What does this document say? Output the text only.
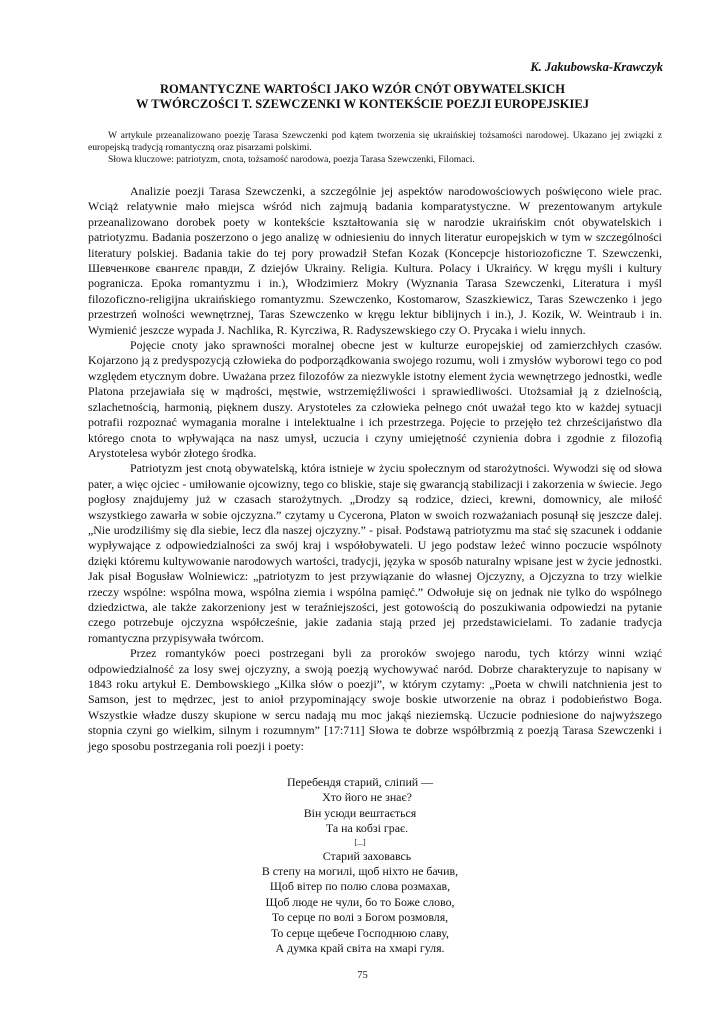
K. Jakubowska-Krawczyk
ROMANTYCZNE WARTOŚCI JAKO WZÓR CNÓT OBYWATELSKICH
W TWÓRCZOŚCI T. SZEWCZENKI W KONTEKŚCIE POEZJI EUROPEJSKIEJ

W artykule przeanalizowano poezję Tarasa Szewczenki pod kątem tworzenia się ukraińskiej tożsamości narodowej. Ukazano jej związki z europejską tradycją romantyczną oraz pisarzami polskimi.

Słowa kluczowe: patriotyzm, cnota, tożsamość narodowa, poezja Tarasa Szewczenki, Filomaci.

Analizie poezji Tarasa Szewczenki, a szczególnie jej aspektów narodowościowych poświęcono wiele prac. Wciąż relatywnie mało miejsca wśród nich zajmują badania komparatystyczne. W prezentowanym artykule przeanalizowano dorobek poety w kontekście kształtowania się w narodzie ukraińskim cnót obywatelskich i patriotyzmu. Badania poszerzono o jego analizę w odniesieniu do innych literatur europejskich w tym w szczególności literatury polskiej. Badania takie do tej pory prowadził Stefan Kozak (Koncepcje historiozoficzne T. Szewczenki, Шевченкове євангелє правди, Z dziejów Ukrainy. Religia. Kultura. Polacy i Ukraińcy. W kręgu myśli i kultury pogranicza. Epoka romantyzmu i in.), Włodzimierz Mokry (Wyznania Tarasa Szewczenki, Literatura i myśl filozoficzno-religijna ukraińskiego romantyzmu. Szewczenko, Kostomarow, Szaszkiewicz, Taras Szewczenko i jego przestrzeń wolności wewnętrznej, Taras Szewczenko w kręgu lektur biblijnych i in.), J. Kozik, W. Weintraub i in. Wymienić jeszcze wypada J. Nachlika, R. Kyrcziwa, R. Radyszewskiego czy O. Prycaka i wielu innych.

Pojęcie cnoty jako sprawności moralnej obecne jest w kulturze europejskiej od zamierzchłych czasów. Kojarzono ją z predyspozycją człowieka do podporządkowania swojego rozumu, woli i zmysłów wyborowi tego co pod względem etycznym dobre. Uważana przez filozofów za niezwykle istotny element życia wewnętrzego jednostki, wedle Platona przejawiała się w mądrości, męstwie, wstrzemięźliwości i sprawiedliwości. Utożsamiał ją z dzielnością, szlachetnością, harmonią, pięknem duszy. Arystoteles za człowieka pełnego cnót uważał tego kto w każdej sytuacji potrafii rozpoznać wymagania moralne i intelektualne i ich przestrzega. Pojęcie to przejęło też chrześcijaństwo dla którego cnota to wpływająca na nasz umysł, uczucia i czyny umiejętność czynienia dobra i zgodnie z filozofią Arystotelesa wybór złotego środka.

Patriotyzm jest cnotą obywatelską, która istnieje w życiu społecznym od starożytności. Wywodzi się od słowa pater, a więc ojciec - umiłowanie ojcowizny, tego co bliskie, staje się gwarancją stabilizacji i zakorzenia w świecie. Jego pogłosy znajdujemy już w czasach starożytnych. „Drodzy są rodzice, dzieci, krewni, domownicy, ale miłość wszystkiego zawarła w sobie ojczyzna.” czytamy u Cycerona, Platon w swoich rozważaniach posunął się jeszcze dalej. „Nie urodziliśmy się dla siebie, lecz dla naszej ojczyzny.” - pisał. Podstawą patriotyzmu ma stać się szacunek i oddanie wypływające z odpowiedzialności za swój kraj i współobywateli. U jego podstaw leżeć winno poczucie wspólnoty dzięki któremu kultywowanie narodowych wartości, tradycji, języka w sposób naturalny wpisane jest w życie jednostki. Jak pisał Bogusław Wolniewicz: „patriotyzm to jest przywiązanie do własnej Ojczyzny, a Ojczyzna to trzy wielkie rzeczy wspólne: wspólna mowa, wspólna ziemia i wspólna pamięć.” Odwołuje się on jednak nie tylko do wspólnego dziedzictwa, ale także zakorzeniony jest w teraźniejszości, jest gotowością do poszukiwania odpowiedzi na pytanie czego potrzebuje ojczyzna współcześnie, jakie zadania stają przed jej przedstawicielami. To zadanie tradycja romantyczna przypisywała twórcom.

Przez romantyków poeci postrzegani byli za proroków swojego narodu, tych którzy winni wziąć odpowiedzialność za losy swej ojczyzny, a swoją poezją wychowywać naród. Dobrze charakteryzuje to napisany w 1843 roku artykuł E. Dembowskiego „Kilka słów o poezji”, w którym czytamy: „Poeta w chwili natchnienia jest to Samson, jest to mędrzec, jest to anioł przypominający swoje boskie utworzenie na obraz i podobieństwo Boga. Wszystkie władze duszy skupione w sercu nadają mu moc jakąś nieziemską. Uczucie podniesione do najwyższego stopnia czyni go wielkim, silnym i rozumnym” [17:711] Słowa te dobrze współbrzmią z poezją Tarasa Szewczenki i jego sposobu postrzegania roli poezji i poety:

Перебендя старий, сліпий —
Хто його не знає?
Він усюди вештається
Та на кобзі грає.
[...]
Старий заховавсь
В степу на могилі, щоб ніхто не бачив,
Щоб вітер по полю слова розмахав,
Щоб люде не чули, бо то Боже слово,
То серце по волі з Богом розмовля,
То серце щебече Господнюю славу,
А думка край світа на хмарі гуля.
75
